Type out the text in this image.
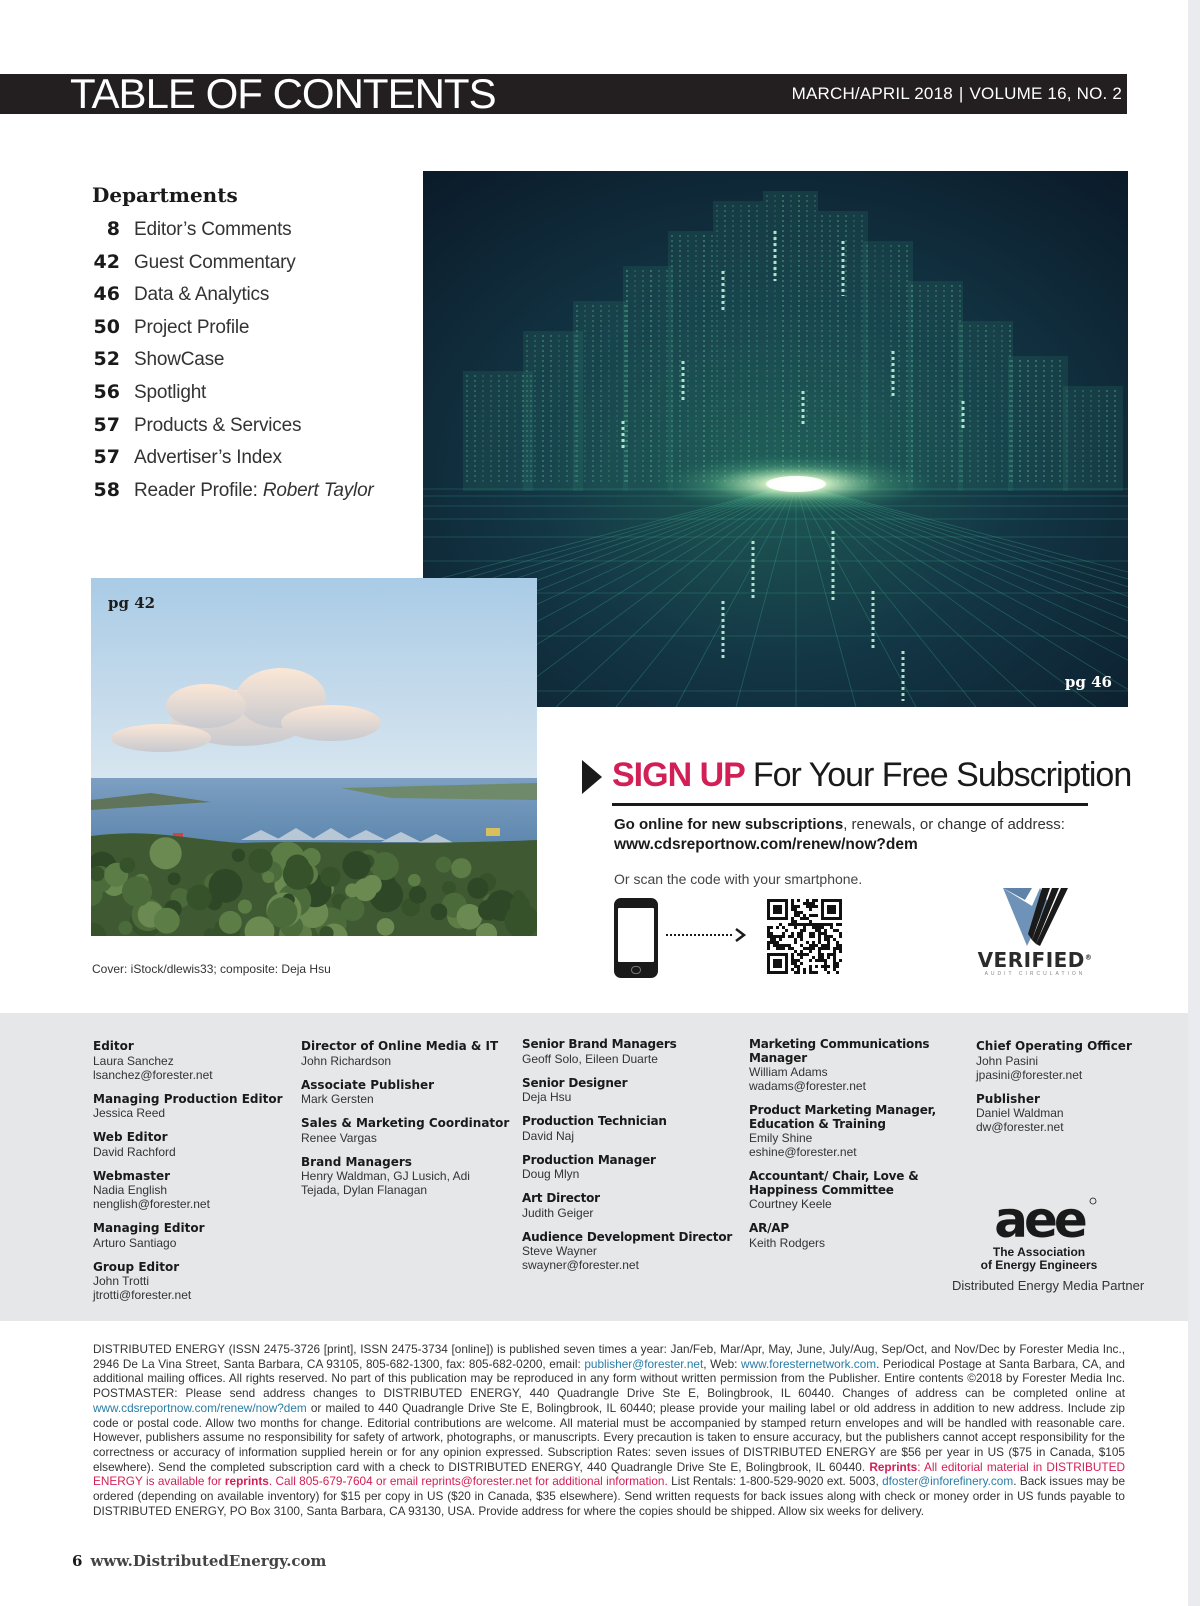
TABLE OF CONTENTS	MARCH/APRIL 2018 | VOLUME 16, NO. 2
Departments
8 Editor’s Comments
42 Guest Commentary
46 Data & Analytics
50 Project Profile
52 ShowCase
56 Spotlight
57 Products & Services
57 Advertiser’s Index
58 Reader Profile: Robert Taylor
pg 46
pg 42
Cover: iStock/dlewis33; composite: Deja Hsu
SIGN UP For Your Free Subscription
Go online for new subscriptions, renewals, or change of address:
www.cdsreportnow.com/renew/now?dem
Or scan the code with your smartphone.
VERIFIED®
AUDIT CIRCULATION
Editor
Laura Sanchez
lsanchez@forester.net
Managing Production Editor
Jessica Reed
Web Editor
David Rachford
Webmaster
Nadia English
nenglish@forester.net
Managing Editor
Arturo Santiago
Group Editor
John Trotti
jtrotti@forester.net
Director of Online Media & IT
John Richardson
Associate Publisher
Mark Gersten
Sales & Marketing Coordinator
Renee Vargas
Brand Managers
Henry Waldman, GJ Lusich, Adi
Tejada, Dylan Flanagan
Senior Brand Managers
Geoff Solo, Eileen Duarte
Senior Designer
Deja Hsu
Production Technician
David Naj
Production Manager
Doug Mlyn
Art Director
Judith Geiger
Audience Development Director
Steve Wayner
swayner@forester.net
Marketing Communications Manager
William Adams
wadams@forester.net
Product Marketing Manager, Education & Training
Emily Shine
eshine@forester.net
Accountant/ Chair, Love & Happiness Committee
Courtney Keele
AR/AP
Keith Rodgers
Chief Operating Officer
John Pasini
jpasini@forester.net
Publisher
Daniel Waldman
dw@forester.net
aee
The Association
of Energy Engineers
Distributed Energy Media Partner
DISTRIBUTED ENERGY (ISSN 2475-3726 [print], ISSN 2475-3734 [online]) is published seven times a year: Jan/Feb, Mar/Apr, May, June, July/Aug, Sep/Oct, and Nov/Dec by Forester Media Inc., 2946 De La Vina Street, Santa Barbara, CA 93105, 805-682-1300, fax: 805-682-0200, email: publisher@forester.net, Web: www.foresternetwork.com. Periodical Postage at Santa Barbara, CA, and additional mailing offices. All rights reserved. No part of this publication may be reproduced in any form without written permission from the Publisher. Entire contents ©2018 by Forester Media Inc. POSTMASTER: Please send address changes to DISTRIBUTED ENERGY, 440 Quadrangle Drive Ste E, Bolingbrook, IL 60440. Changes of address can be completed online at www.cdsreportnow.com/renew/now?dem or mailed to 440 Quadrangle Drive Ste E, Bolingbrook, IL 60440; please provide your mailing label or old address in addition to new address. Include zip code or postal code. Allow two months for change. Editorial contributions are welcome. All material must be accompanied by stamped return envelopes and will be handled with reasonable care. However, publishers assume no responsibility for safety of artwork, photographs, or manuscripts. Every precaution is taken to ensure accuracy, but the publishers cannot accept responsibility for the correctness or accuracy of information supplied herein or for any opinion expressed. Subscription Rates: seven issues of DISTRIBUTED ENERGY are $56 per year in US ($75 in Canada, $105 elsewhere). Send the completed subscription card with a check to DISTRIBUTED ENERGY, 440 Quadrangle Drive Ste E, Bolingbrook, IL 60440. Reprints: All editorial material in DISTRIBUTED ENERGY is available for reprints. Call 805-679-7604 or email reprints@forester.net for additional information. List Rentals: 1-800-529-9020 ext. 5003, dfoster@inforefinery.com. Back issues may be ordered (depending on available inventory) for $15 per copy in US ($20 in Canada, $35 elsewhere). Send written requests for back issues along with check or money order in US funds payable to DISTRIBUTED ENERGY, PO Box 3100, Santa Barbara, CA 93130, USA. Provide address for where the copies should be shipped. Allow six weeks for delivery.
6 www.DistributedEnergy.com
